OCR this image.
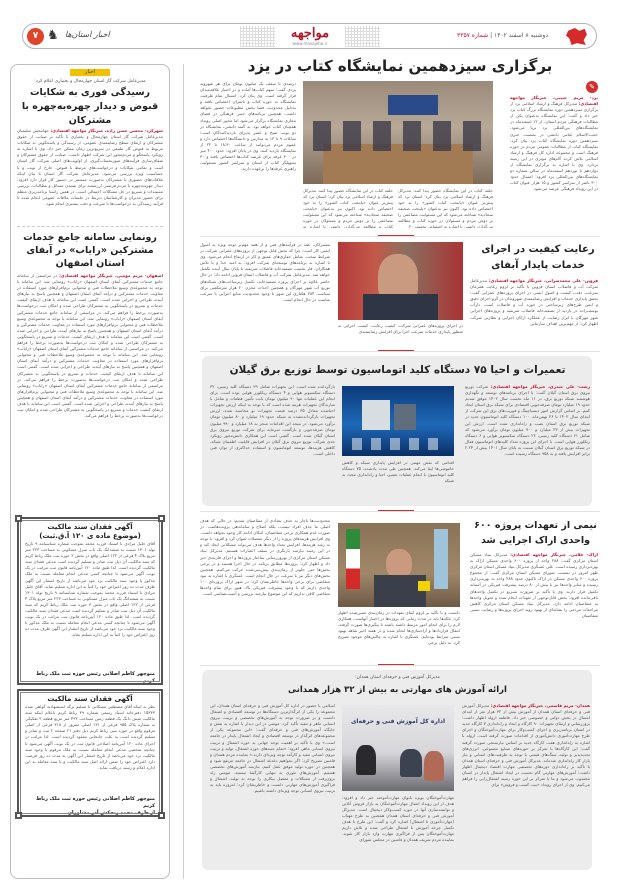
۷ ♞ اخبار استان‌ها	مواجهه
www.mavajehe.ir
دوشنبه ۸ اسفند ۱۴۰۲ | شماره ۳۳۵۷
اخبار
مدیرعامل شرکت گاز استان چهارمحال و بختیاری اعلام کرد:
رسیدگی فوری به شکایات قبوض و دیدار چهره‌به‌چهره با مشترکان
شهرکرد- محسن حسن زاده، خبرنگار مواجهه اقتصادی: جهانبخش سلیمیان مدیرعامل شرکت گاز استان چهارمحال و بختیاری با تأکید بر صیانت از حقوق مشترکان و ارتقای سطح رضایتمندی عمومی، از رسیدگی و پاسخگویی به شکایات مربوط به قبوض گاز طبیعی در سریع‌ترین زمان ممکن خبر داد. وی با اشاره به رویکرد پاسخگو و مردم‌محور این شرکت اظهار داشت: صیانت از حقوق مشترکان و شفاف‌سازی فرآیندهای صورتحساب‌گیری، از اولویت‌های اصلی شرکت گاز استان است و تمامی شکایات و درخواست‌های مرتبط با قبوض، خارج از نوبت و با حساسیت ویژه بررسی می‌شود. مدیرعامل شرکت گاز استان با بیان اینکه ملاقات‌های حضوری با مشترکان به‌صورت مستمر در دستور کار قرار دارد افزود: دیدار چهره‌به‌چهره با مردم فرصتی ارزشمند برای شنیدن مسائل و مطالبات، بررسی مستندات و تسریع در حل مشکلات احتمالی است. در همین راستا برنامه‌ریزی منظم برای حضور مدیران و کارشناسان ذیربط در جلسات ملاقات عمومی انجام شده تا فرآیند رسیدگی به درخواست‌ها با سرعت و دقت بیشتری انجام شود.
رونمایی سامانه جامع خدمات مشترکین «رایاب» در آبفای استان اصفهان
اصفهان- مریم مومنی، خبرنگار مواجهه اقتصادی: در مراسمی از سامانه جامع خدمات مشترکین آبفای استان اصفهان «رایاب» رونمایی شد. این سامانه با توجه به مجموعه‌ی وسیع ملاحظات فنی و محتوایی نرم‌افزارهای مورد استفاده در معاونت خدمات مشترکین و درآمد آبفای استان اصفهان و همچنین پاسخ به نیازهای آینده، طراحی و اجرایی شده است. گفتنی است این سامانه با هدف ارتقای کیفیت خدمات و تسریع در پاسخگویی به مشترکان طراحی شده و امکان ثبت درخواست‌ها به‌صورت برخط را فراهم می‌کند. در مراسمی از سامانه جامع خدمات مشترکین آبفای استان اصفهان «رایاب» رونمایی شد. این سامانه با توجه به مجموعه‌ی وسیع ملاحظات فنی و محتوایی نرم‌افزارهای مورد استفاده در معاونت خدمات مشترکین و درآمد آبفای استان اصفهان و همچنین پاسخ به نیازهای آینده، طراحی و اجرایی شده است. گفتنی است این سامانه با هدف ارتقای کیفیت خدمات و تسریع در پاسخگویی به مشترکان طراحی شده و امکان ثبت درخواست‌ها به‌صورت برخط را فراهم می‌کند. در مراسمی از سامانه جامع خدمات مشترکین آبفای استان اصفهان «رایاب» رونمایی شد. این سامانه با توجه به مجموعه‌ی وسیع ملاحظات فنی و محتوایی نرم‌افزارهای مورد استفاده در معاونت خدمات مشترکین و درآمد آبفای استان اصفهان و همچنین پاسخ به نیازهای آینده، طراحی و اجرایی شده است. گفتنی است این سامانه با هدف ارتقای کیفیت خدمات و تسریع در پاسخگویی به مشترکان طراحی شده و امکان ثبت درخواست‌ها به‌صورت برخط را فراهم می‌کند. در مراسمی از سامانه جامع خدمات مشترکین آبفای استان اصفهان «رایاب» رونمایی شد. این سامانه با توجه به مجموعه‌ی وسیع ملاحظات فنی و محتوایی نرم‌افزارهای مورد استفاده در معاونت خدمات مشترکین و درآمد آبفای استان اصفهان و همچنین پاسخ به نیازهای آینده، طراحی و اجرایی شده است. گفتنی است این سامانه با هدف ارتقای کیفیت خدمات و تسریع در پاسخگویی به مشترکان طراحی شده و امکان ثبت درخواست‌ها به‌صورت برخط را فراهم می‌کند.
آگهی فقدان سند مالکیت
(موضوع ماده ی ۱۲۰ آ.ق.ثبت)
آقای خلیل مرادی با استناد فرزند محمد بموجب شماره شناسنامه ۹ تاریخ تولد ۱۳۰۱ نسبت به ششدانگ یک باب منزل مسکونی به مساحت ۲۲۳ متر مربع پلاک ۴ فرعی از ۱۲۲ اصلی واقع در بخش ۳ حوزه ثبت ملک رباط کریم که سند مالکیت آن ذیل ثبت صادر و تسلیم گردیده است مدعی فقدان سند مالکیت گردیده است. لذا طبق ماده ۱۲۰ آیین‌نامه قانون ثبت مراتب در یک نوبت آگهی می‌شود تا چنانچه کسی مدعی انجام معامله نسبت به ملک مذکور یا وجود سند مالکیت نزد خود می‌باشد از تاریخ انتشار این آگهی ظرف مدت ده روز اعتراض خود را کتباً به این اداره تسلیم نماید. آقای خلیل مرادی با استناد فرزند محمد بموجب شماره شناسنامه ۹ تاریخ تولد ۱۳۰۱ نسبت به ششدانگ یک باب منزل مسکونی به مساحت ۲۲۳ متر مربع پلاک ۴ فرعی از ۱۲۲ اصلی واقع در بخش ۳ حوزه ثبت ملک رباط کریم که سند مالکیت آن ذیل ثبت صادر و تسلیم گردیده است مدعی فقدان سند مالکیت گردیده است. لذا طبق ماده ۱۲۰ آیین‌نامه قانون ثبت مراتب در یک نوبت آگهی می‌شود تا چنانچه کسی مدعی انجام معامله نسبت به ملک مذکور یا وجود سند مالکیت نزد خود می‌باشد از تاریخ انتشار این آگهی ظرف مدت ده روز اعتراض خود را کتباً به این اداره تسلیم نماید.
منوچهر کاظم اصلانی رئیس حوزه ثبت ملک رباط کریم
آگهی فقدان سند مالکیت
نظر به اینکه آقای مصطفی مسکانی با تسلیم برگه استشهادیه گواهی شده ۱۵۳۳۳ دفترخانه اسناد رسمی شماره ۳۹ رباط کریم باعلام اینکه سند مالکیت شش دانگ یک قطعه زمین مساحت ۴۳۲ متر مربع قطعه ۲ تفکیکی به شماره پلاک ۹۵۵ فرعی از ۱۳۱ اصلی مفروز از ۳۱۸ فرعی از اصلی مرقوم واقع در حوزه ثبتی رباط کریم ذیل دفتر ۲۱ صفحه ۲ ثبت و صادر و تسلیم گردیده است به علت جابجایی مفقود گردیده است. لذا مراتب در اجرای ماده ۱۲۰ آیین‌نامه اصلاحی قانون ثبت در یک نوبت آگهی می‌شود تا چنانچه شخصی مدعی انجام معامله نسبت به ملک مرقوم یا وجود سند مالکیت نزد خود می‌باشد از تاریخ انتشار این آگهی به مدت ده روز فرصت دارد اعتراض خود را ضمن ارائه اصل سند مالکیت و یا سند معامله به این اداره اعلام و رسید دریافت نماید.
منوچهر کاظم اصلانی رئیس حوزه ثبت ملک رباط کریم
از طرف محمد رنجکش آذر مشاوران
برگزاری سیزدهمین نمایشگاه کتاب در یزد
✎
یزد- مریم حبیبی، خبرنگار مواجهه اقتصادی: مدیرکل فرهنگ و ارشاد اسلامی یزد از برگزاری سیزدهمین دوره نمایشگاه بزرگ کتاب یزد خبر داد و گفت: این نمایشگاه به‌عنوان یکی از مطالبات فرهنگی مردم استان، از ۱۲ اسفندماه در نمایشگاه‌های بین‌المللی یزد برپا می‌شود. حجت‌الاسلام عباس دانشی در نشست خبری سیزدهمین دوره نمایشگاه کتاب یزد بیان کرد: نمایشگاه کتاب از مطالبات عمومی مردم در حوزه فرهنگ است و مجموعه اداره کل فرهنگ و ارشاد اسلامی تلاش کرده گام‌های موثری در این زمینه بردارد. وی با اشاره به برگزاری نمایشگاه از دوازدهم تا نوزدهم اسفندماه در سالن شماره دو نمایشگاه‌های بین‌المللی یزد افزود: امسال حدود ۳۰۰ ناشر از سراسر کشور و ۱۵ هزار عنوان کتاب در این رویداد فرهنگی عرضه می‌شود.
خلقه کتاب در این نمایشگاه حضور پیدا کنند. مدیرکل فرهنگ و ارشاد اسلامی یزد بیان کرد: استان یزد که پیش‌تر عنوان «پایتخت کتاب کشور» را به خود اختصاص داده بود. اکنون نیز به‌عنوان «پایتخت صحیفه سجادیه» شناخته می‌شود که این مسئولیت مضاعفی را بر دوش مردم و مسئولان در حوزه کتاب و مطالعه می‌گذارد. دانشی با اشاره به اختصاص تخفیف ۲۰
خلقه کتاب در این نمایشگاه حضور پیدا کنند. مدیرکل فرهنگ و ارشاد اسلامی یزد بیان کرد: استان یزد که پیش‌تر عنوان «پایتخت کتاب کشور» را به خود اختصاص داده بود. اکنون نیز به‌عنوان «پایتخت صحیفه سجادیه» شناخته می‌شود که این مسئولیت مضاعفی را بر دوش مردم و مسئولان در حوزه کتاب و مطالعه می‌گذارد. دانشی با اشاره به
درصدی تا سقف یک میلیون تومان برای هر شهروند یزدی گفت: سهم کتاب‌ها آماده و در اختیار علاقه‌مندان قرار گرفته است. وی بیان کرد: امسال تمام ظرفیت نمایشگاه به حوزه کتاب و ناشران اختصاص یافته و به‌دلیل محدودیت فضا بخش مطبوعات حضور نخواهد داشت. همچنین برنامه‌های جنبی فرهنگی در فضای مجازی نمایشگاه برگزار می‌شود اما محور اصلی رویداد همچنان کتاب خواهد بود. به گفته دانشی، نمایشگاه در دو نوبت صبح و عصر پذیرای بازدیدکنندگان است؛ ساعات ۹ تا ۱۳ به مدارس و دانشگاه‌ها اختصاص دارد و عموم مردم می‌توانند از ساعت ۱۸:۳۰ تا ۲۲ از نمایشگاه بازدید کنند. وی در پایان افزود: حدود ۴۰۰ میز در ۳۰۰ غرفه برای عرضه کتاب‌ها اختصاص یافته و ۳۰ تسهیلگر کتاب از استان و سراسر کشور مسئولیت راهبری غرفه‌ها را برعهده دارند.
رعایت کیفیت در اجرای خدمات پایدار آبفای
قزوین- علی محمدصرانی، خبرنگار مواجهه اقتصادی: مدیرعامل شرکت آب و فاضلاب استان قزوین با تأکید بر لزوم رعایت همزمان سرعت، دقت، کیفیت و اصول ایمنی در اجرای پروژه‌های عمرانی گفت: تحقق پایداری خدمات و افزایش رضایتمندی شهروندان در گرو اجرای دقیق و ایمن طرح‌های زیرساختی در حوزه آب و فاضلاب است. دارأب یوسف‌زاده در بازدید از تصفیه‌خانه فاضلاب شریفیه و پروژه‌های اجرایی شهر مهرگان با ابراز رضایت از عملکرد ارکان اجرایی و نظارتی شرکت اظهار کرد: از مهم‌ترین اهداف سازمانی
در اجرای پروژه‌های عمرانی شرکت، کیفیت رعایت، کیفیت اجرایی به منظور پایداری خدمات سرعت اجرا برای افزایش رضایتمندی
مشترکان، عقد در فرآیندهای فنی و از همه مهم‌تر توجه ویژه به اصول ایمنی کار است؛ چرا که بخش قابل توجهی از پروژه‌های عمرانی شرکت در شرایط سخت، شامل حفاری‌های عمیق و کار در ارتفاع انجام می‌شود. وی با اشاره به برنامه‌های توسعه‌ای شرکت افزود: به امید خدا و با تلاش همکاران، فاز نخست تصفیه‌خانه فاضلاب شریفیه تا پایان سال آینده تکمیل خواهد شد. مدیرعامل شرکت آب و فاضلاب استان قزوین ادامه داد: در حال حاضر علاوه بر اجرای پروژه تصفیه‌خانه، تکمیل زیرساخت‌های شبکه‌های توزیع آب شهر مهرگان و همچنین احداث مخزن ۲۰ هزار مترمکعبی برای سیاست ۲۸۴ هکتاری این شهر با وجود محدودیت منابع اجرایی با سرعت مناسب در حال انجام است.
تعمیرات و احیا ۷۵ دستگاه کلید اتوماسیون توسط توزیع برق گیلان
رشت- علی حیدری، خبرنگار مواجهه اقتصادی: شرکت توزیع نیروی برق استان گیلان گفت: با اجرای برنامه‌های توسعه و نگهداری هوشمند شبکه توزیع برق، در ۱۱ ماه نخست سال ۱۴۰۲ موفق شدیم حدود ۱۹ میلیارد تومان صرفه‌جویی اقتصادی برای شبکه برق استان ایجاد کنیم. بر اساس گزارش امور دیسپاچینگ و فوریت‌های برق این شرکت از ابتدای سال ۱۴۰۲ تا ۲۶ بهمن‌ماه، ۱۰۰ دستگاه کلید اتوماسیون جدید در شبکه توزیع برق استان نصب و راه‌اندازی شده است. ارزش این تجهیزات بیش از ۲۳ میلیارد و ۷۰۰ میلیون تومان برآورد می‌شود که شامل ۶۱ دستگاه کلید زمینی، ۲۶ دستگاه سکسیونر هوایی و ۶ دستگاه ریکلوزر هوایی است. با اجرای این پروژه تعداد کلیدهای اتوماسیون فعال در شبکه توزیع برق استان گیلان نسبت به پایان سال ۱۴۰۱ بیش از ۲.۲۴ برابر افزایش یافته و به ۹۵۸ دستگاه رسیده است.
اقدامی که نقش مهمی در افزایش پایداری شبکه و کاهش خاموشی‌ها ایفا می‌کند. همچنین طی مدت یادشده، ۷۵ دستگاه کلید اتوماسیون با انجام عملیات تعمیر، احیا و راه‌اندازی مجدد به شبکه
بازگردانده شده است. این تجهیزات شامل ۳۹ دستگاه کلید زمینی، ۳۲ دستگاه سکسیونر هوایی و ۴ دستگاه ریکلوزر هوایی بوده است. برای انجام این عملیات تنها ۹۰ میلیون تومان بابت تأمین قطعات و تعامل با سازندگان تجهیزات هزینه شده است که با توجه به اینکه ارزش تجهیزات احیاشده معادل ۳۵ درصد قیمت تجهیزات نو محاسبه شده، ارزش تجهیزات بازگردانده‌شده به شبکه حدود ۱۹ میلیارد و ۸۰ میلیون تومان برآورد می‌شود. در نتیجه این اقدامات منجر به ۱۸ میلیارد و ۹۹۰ میلیون تومان صرفه‌جویی و بازگشت سرمایه برای شرکت توزیع نیروی برق استان گیلان شده است. گفتنی است این همکاری دانش‌محور رویکرد جدی شرکت توزیع نیروی برق گیلان در افزایش قابلیت اطمینان شبکه، کاهش هزینه‌ها، توسعه اتوماسیون و استفاده حداکثری از توان فنی داخلی است.
نیمی از تعهدات پروژه ۶۰۰ واحدی اراک اجرایی شد
اراک- غلامی، خبرنگار مواجهه اقتصادی: مدیرکل بنیاد مسکن استان مرکزی گفت: ۲۸۸ واحد از پروژه ۶۰۰ واحدی مسکن اراک به بهره‌برداری رسیده است. علی عسگری مدیرکل بنیاد مسکن استان مرکزی ظهر امروز در نشست شورای مسکن استان مرکزی گفت: از مجموع پروژه ۶۰۰ واحدی مسکن در اراک تاکنون حدود ۲۸۸ واحد به بهره‌برداری رسیده و سایر واحدها نیز با بیش از ۸۰ درصد پیشرفت فیزیکی در آستانه تکمیل قرار دارند. وی با تأکید بر ضرورت تسریع در تکمیل واحدهای باقی‌مانده افزود: بخش قابل‌توجهی از تعهدات انجام شده و تحویل واحدها به متقاضیان ادامه دارد. مدیرکل بنیاد مسکن استان مرکزی کاهش مراجعات مردمی را نشانه‌ای از بهبود روند اجرای پروژه‌ها و رضایت نسبی متقاضیان
دانست و با تأکید بر لزوم ایفای تعهدات در زمان‌بندی تعیین‌شده اظهار کرد: بلکه‌ها باید در مدت زمانی که پروژه‌ها در اختیار آنهاست، همکاری لازم را برای انجام امور مرتبط داشته باشند تا پیگیری‌ها صورت گرفته، انتقال قراردادها و آزادسازی‌ها انجام شده و در هفته اخیر شاهد بهبود نسبی شرایط بوده‌ایم. عسگری با اشاره به چالش‌های موجود تصریح کرد: به دلیل برخی
محدودیت‌ها ناچار به حذف تعدادی از متقاضیان شدیم؛ در حالی که هدف اصلی ما حذف افراد نیست، بلکه اصلاح و ساماندهی پرونده‌هاست. در صورت عدم همکاری برخی متقاضیان، امکان ادامه کار وجود نخواهد داشت. وی افزایش هزینه‌های پروژه را از دیگر معضلات عنوان کرد و افزود: با توجه به رشد هزینه‌ها، افزایش تعداد واحدها هدف می‌تواند مشکلاتی ایجاد کند و در این زمینه نیازمند بازنگری در سقف اعتبارات هستیم. مدیرکل بنیاد مسکن استان مرکزی از بهروزرسانی ساختار پروژه‌ها و اجرای فازبندی خبر داد و اظهار کرد: پروژه‌ها مطابق برنامه در حال اجرا هستند و در برخی بخش‌ها حتی جلوتر از زمان‌بندی پیش‌بینی‌شده حرکت می‌کنیم. همچنین بخش‌های دیگر نیز با سرعت در حال انجام است. عسگری با اشاره به نبود متقاضی برای برخی واحدها خاطرنشان کرد: در شهر اراک پروژه‌ای ۱۰۰ واحدی داریم که با وجود پیشرفت فیزیکی بالا، هنوز برای تمام واحدها متقاضی کافی نداریم که این موضوع نیازمند بررسی و آسیب‌شناسی است.
مدیرکل آموزش فنی و حرفه‌ای استان همدان:
ارائه آموزش های مهارتی به بیش از ۳۲ هزار همدانی
همدان- مریم قاسمی، خبرنگار مواجهه اقتصادی: مدیرکل آموزش فنی و حرفه‌ای استان همدان از آموزش بیش از ۳۲ هزار نفر از ابتدای امسال در بخش دولتی و خصوصی خبر داد. فاطمه اروله اظهار داشت: بروزرسانی و ارتقای تجهیزات ۹۰ کارگاه و ایجاد و راه‌اندازی ۷ کارگاه جدید در استان برنامه‌ریزی و اجرای کسب‌وکار برای مهارت‌آموختگان و اجرای طرح مهارت‌آموزی دانش‌آموزی از اقدامات صورت گرفته است. اروله با اشاره به راه‌اندازی هفت کارگاه جدید بر اساس نیازسنجی صورت گرفته گفت: این کارگاه‌ها با تمرکز بر حوزه‌های صنایع مصنوعی، انرژی‌های تجدیدپذیر و تولید، سنگ‌های قیمتی با توجه به ظرفیت‌های استانی و نیاز بازار کار راه‌اندازی شده‌اند. مدیرکل آموزش فنی و حرفه‌ای استان همدان با تأکید بر راه‌اندازی دوره‌های تخصصی مهارت اقتصاد دیجیتال اظهار داشت: آموزش‌های مهارتی گام نخست در ایجاد اشتغال پایدار در استان محسوب می‌شود و ما با تمرکز بر این حوزه زمینه اشتغال‌زایی را فراهم می‌کنیم. وی از اجرای رویداد «بیت کسب و فروش» برای
اداره کل آموزش فنی و حرفه‌ای
مهارت‌آموختگان بویژه بانوان مهارت‌آموخته خبر داد و افزود: هدف از این رویداد اتصال مهارت‌آموختگان به بازار فروش آنلاین و توانمندسازی آنها در حوزه کسب‌وکار دیجیتال است. مدیرکل آموزش فنی و حرفه‌ای استان همدان همچنین به طرح مهتاب (مهارت‌آموزی تا اشتغال) اشاره کرد و گفت: این طرح با هدف تکمیل چرخه آموزش تا اشتغال طراحی شده و تلاش داریم مهارت‌آموختگان پس از فراگیری مهارت وارد بازار کار شوند. نماینده مردم شریف همدان و فامنین در مجلس شورای
اسلامی با حضور در اداره کل آموزش فنی و حرفه‌ای استان همدان، این مجموعه را یکی از اثرگذارترین دستگاه‌ها در توسعه اقتصادی و اشتغال دانست و بر ضرورت توجه به آموزش‌های تخصصی و تربیت نیروی انسانی ماهر و مفید تأکید کرد. مومنی در این دیدار با اشاره به نقش و جایگاه آموزش‌های فنی و حرفه‌ای گفت: «این مجموعه یکی از مجموعه‌های اثرگذار در توسعه اقتصادی و ایجاد اشتغال پایدار در جامعه است.» وی با تأکید بر اهمیت توجه جهانی به حوزه اشتغال و تربیت نیروی انسانی ماهر، افزود: «تمام جنبه‌های حوزه اشتغال، تولید و تربیت نیروی انسانی مفید و کارآمد توجه ویژه‌ای دارند.» نماینده مردم همدان و فامنین تصریح کرد: اگر بخواهیم دغدغه اشتغال در جامعه مرتفع شود و همچنین در حوزه تولید موفق عمل کنیم، نیازمند آموزش‌های تخصصی هستیم. آموزش‌های تئوری به تنهایی کارگشا نیستند. مومنی راه برون‌رفت از مشکلات و معضل بیکاری را توجه به تولید، اشتغال و فراگیری آموزش‌های مهارتی دانست و خاطرنشان کرد: امروزه باید به تربیت نیروی انسانی توجه ویژه‌ای داشته باشیم.
